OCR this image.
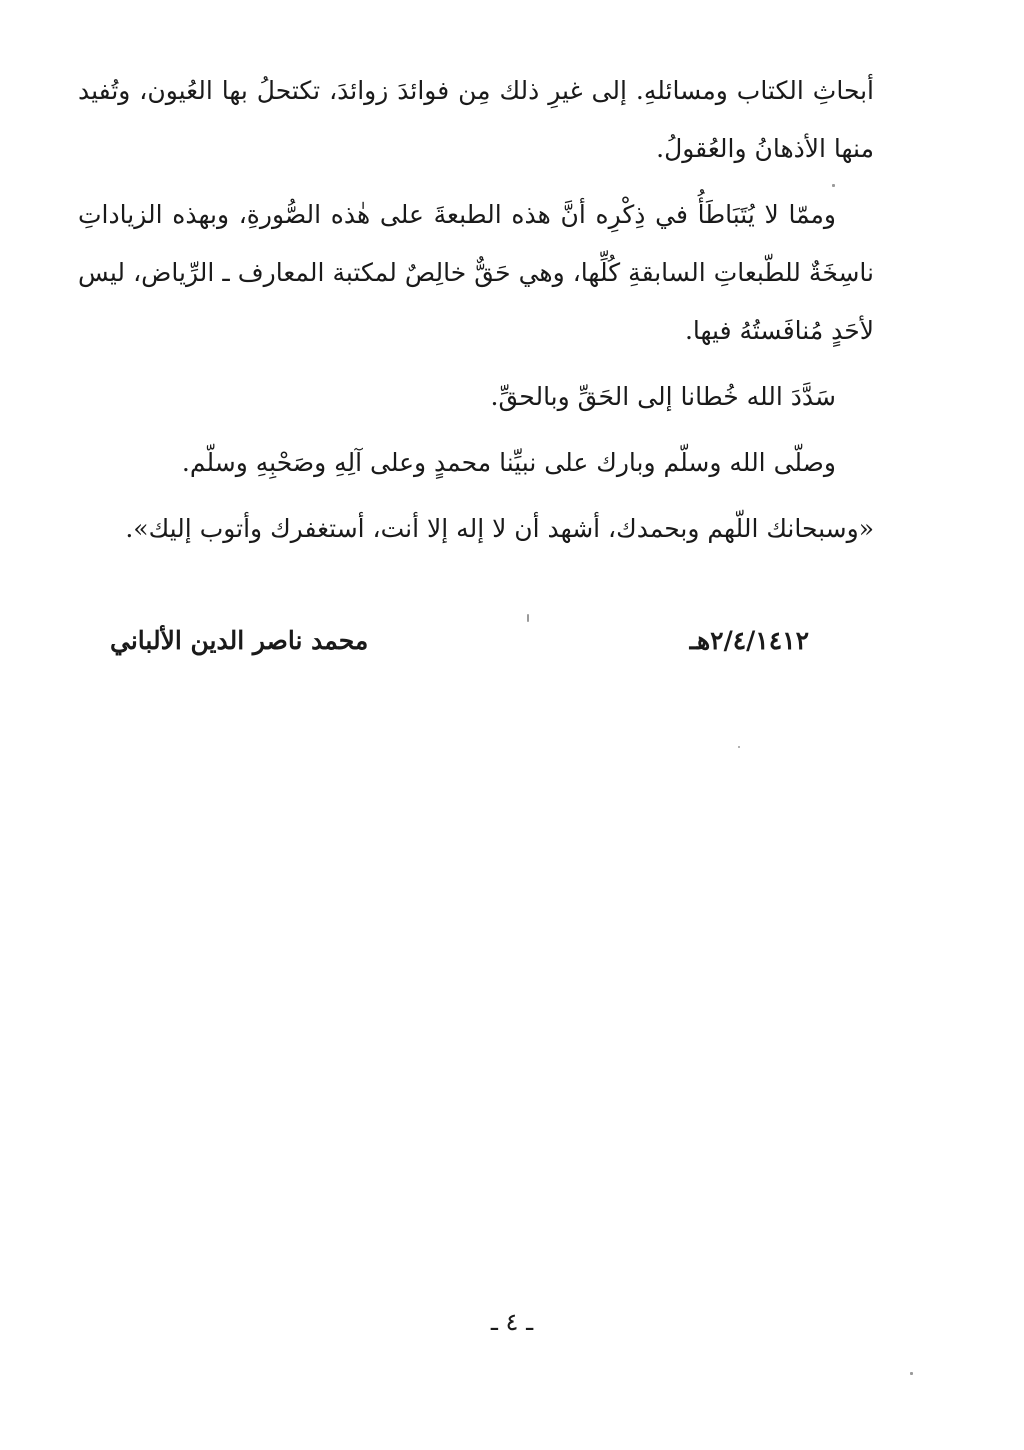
أبحاثِ الكتاب ومسائلهِ. إلى غيرِ ذلك مِن فوائدَ زوائدَ، تكتحلُ بها العُيون، وتُفيد منها الأذهانُ والعُقولُ.

وممّا لا يُتَبَاطَأُ في ذِكْرِه أنَّ هذه الطبعةَ على هٰذه الصُّورةِ، وبهذه الزياداتِ ناسِخَةٌ للطّبعاتِ السابقةِ كُلِّها، وهي حَقٌّ خالِصٌ لمكتبة المعارف ـ الرِّياض، ليس لأحَدٍ مُنافَستُهُ فيها.

سَدَّدَ الله خُطانا إلى الحَقِّ وبالحقِّ.

وصلّى الله وسلّم وبارك على نبيِّنا محمدٍ وعلى آلِهِ وصَحْبِهِ وسلّم.

«وسبحانك اللّهم وبحمدك، أشهد أن لا إله إلا أنت، أستغفرك وأتوب إليك».

٢/٤/١٤١٢هـ
محمد ناصر الدين الألباني
ـ ٤ ـ
